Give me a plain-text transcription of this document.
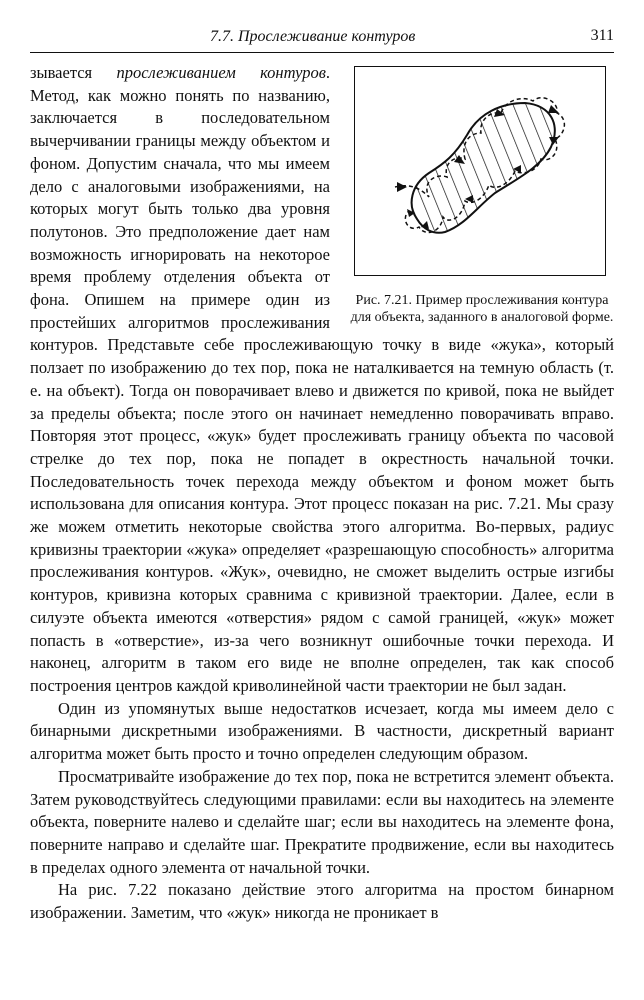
7.7. Прослеживание контуров	311
Рис. 7.21. Пример прослеживания контура для объекта, заданного в аналоговой форме.

зывается прослеживанием контуров. Метод, как можно понять по названию, заключается в последовательном вычерчивании границы между объектом и фоном. Допустим сначала, что мы имеем дело с аналоговыми изображениями, на которых могут быть только два уровня полутонов. Это предположение дает нам возможность игнорировать на некоторое время проблему отделения объекта от фона. Опишем на примере один из простейших алгоритмов прослеживания контуров. Представьте себе прослеживающую точку в виде «жука», который ползает по изображению до тех пор, пока не наталкивается на темную область (т. е. на объект). Тогда он поворачивает влево и движется по кривой, пока не выйдет за пределы объекта; после этого он начинает немедленно поворачивать вправо. Повторяя этот процесс, «жук» будет прослеживать границу объекта по часовой стрелке до тех пор, пока не попадет в окрестность начальной точки. Последовательность точек перехода между объектом и фоном может быть использована для описания контура. Этот процесс показан на рис. 7.21. Мы сразу же можем отметить некоторые свойства этого алгоритма. Во-первых, радиус кривизны траектории «жука» определяет «разрешающую способность» алгоритма прослеживания контуров. «Жук», очевидно, не сможет выделить острые изгибы контуров, кривизна которых сравнима с кривизной траектории. Далее, если в силуэте объекта имеются «отверстия» рядом с самой границей, «жук» может попасть в «отверстие», из-за чего возникнут ошибочные точки перехода. И наконец, алгоритм в таком его виде не вполне определен, так как способ построения центров каждой криволинейной части траектории не был задан.

Один из упомянутых выше недостатков исчезает, когда мы имеем дело с бинарными дискретными изображениями. В частности, дискретный вариант алгоритма может быть просто и точно определен следующим образом.

Просматривайте изображение до тех пор, пока не встретится элемент объекта. Затем руководствуйтесь следующими правилами: если вы находитесь на элементе объекта, поверните налево и сделайте шаг; если вы находитесь на элементе фона, поверните направо и сделайте шаг. Прекратите продвижение, если вы находитесь в пределах одного элемента от начальной точки.

На рис. 7.22 показано действие этого алгоритма на простом бинарном изображении. Заметим, что «жук» никогда не проникает в
